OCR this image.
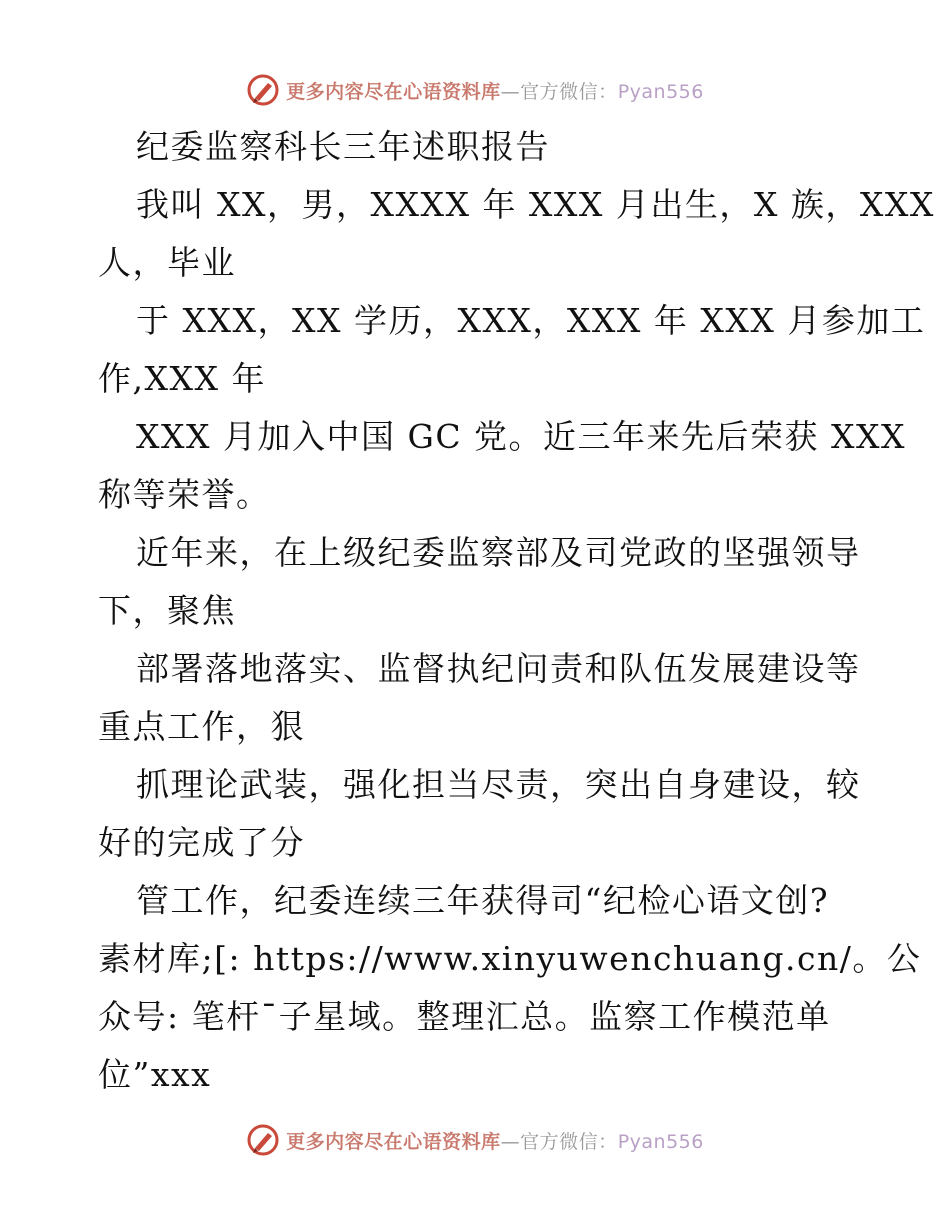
更多内容尽在心语资料库—官方微信：Pyan556

纪委监察科长三年述职报告

我叫 XX，男，XXXX 年 XXX 月出生，X 族，XXX

人，毕业

于 XXX，XX 学历，XXX，XXX 年 XXX 月参加工

作,XXX 年

XXX 月加入中国 GC 党。近三年来先后荣获 XXX

称等荣誉。

近年来，在上级纪委监察部及司党政的坚强领导

下，聚焦

部署落地落实、监督执纪问责和队伍发展建设等

重点工作，狠

抓理论武装，强化担当尽责，突出自身建设，较

好的完成了分

管工作，纪委连续三年获得司“纪检心语文创?

素材库;[: https://www.xinyuwenchuang.cn/。公

众号: 笔杆¯子星域。整理汇总。监察工作模范单

位”xxx

更多内容尽在心语资料库—官方微信：Pyan556
